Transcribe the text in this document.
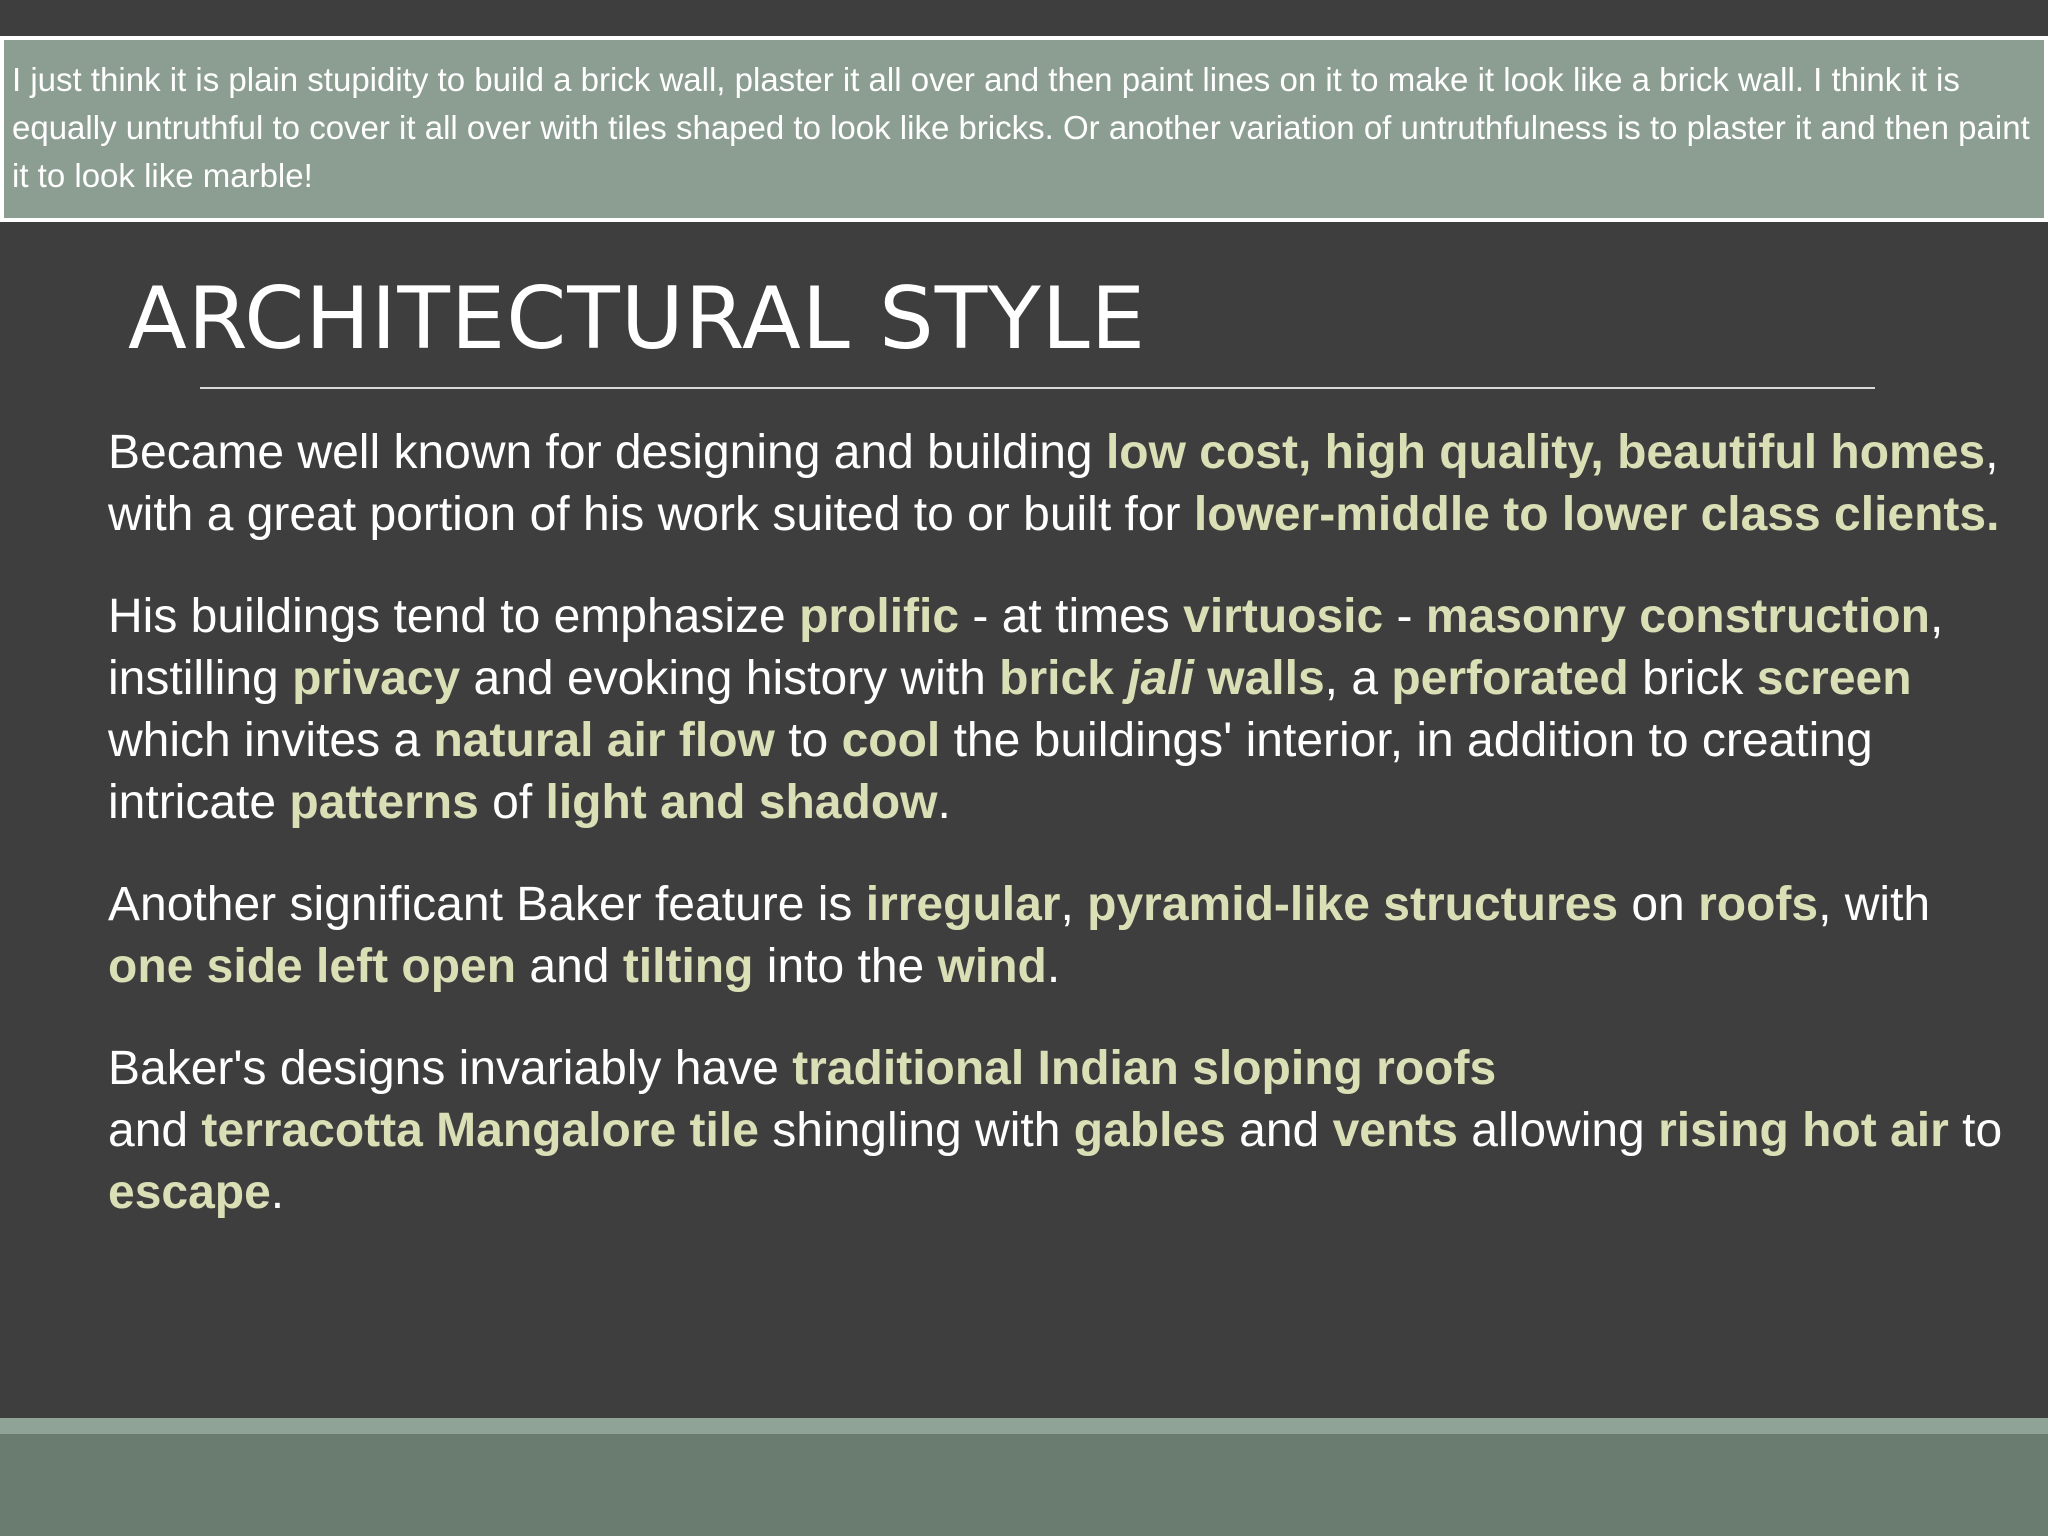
I just think it is plain stupidity to build a brick wall, plaster it all over and then paint lines on it to make it look like a brick wall. I think it is equally untruthful to cover it all over with tiles shaped to look like bricks. Or another variation of untruthfulness is to plaster it and then paint it to look like marble!
ARCHITECTURAL STYLE

Became well known for designing and building low cost, high quality, beautiful homes, with a great portion of his work suited to or built for lower-middle to lower class clients.

His buildings tend to emphasize prolific - at times virtuosic - masonry construction, instilling privacy and evoking history with brick jali walls, a perforated brick screen which invites a natural air flow to cool the buildings' interior, in addition to creating intricate patterns of light and shadow.

Another significant Baker feature is irregular, pyramid-like structures on roofs, with one side left open and tilting into the wind.

Baker's designs invariably have traditional Indian sloping roofs
and terracotta Mangalore tile shingling with gables and vents allowing rising hot air to escape.
